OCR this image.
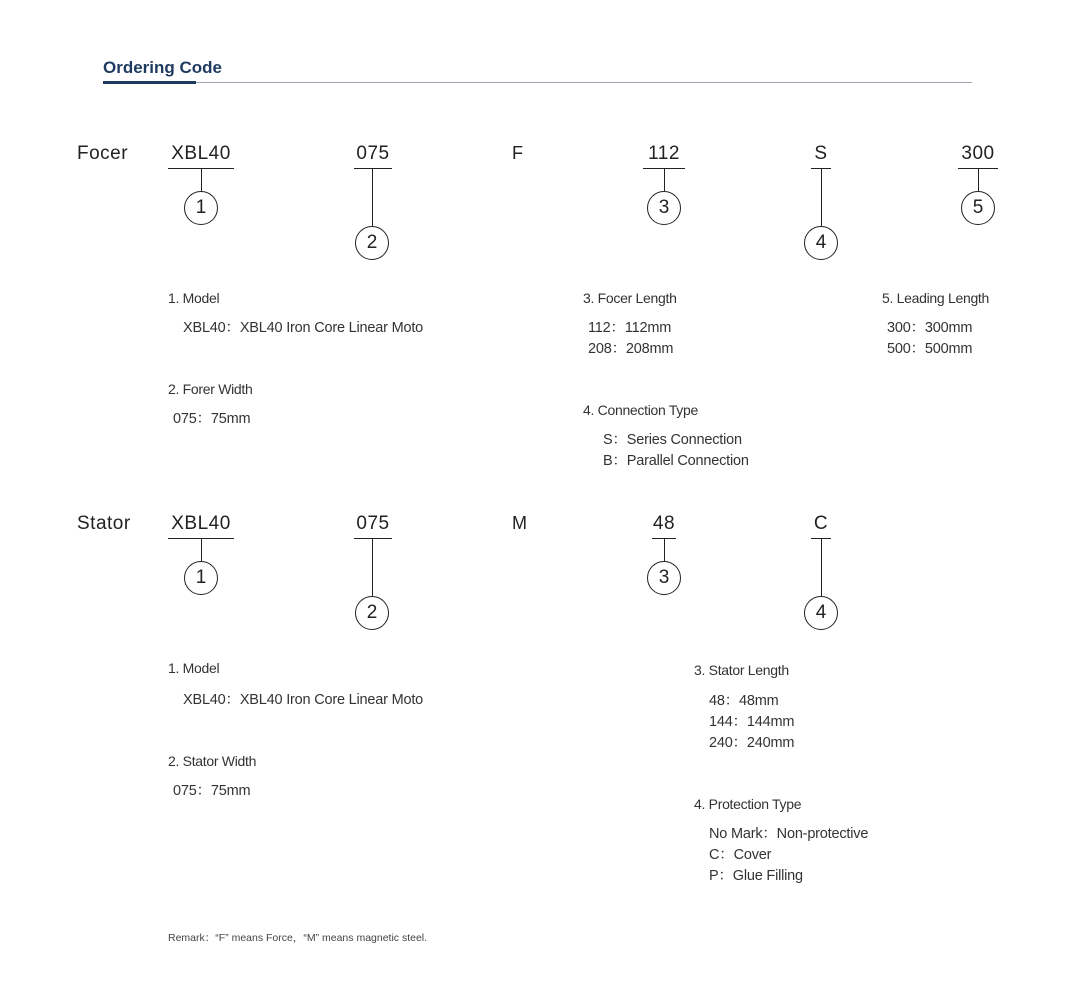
Ordering Code
Focer XBL40
1
075
2
F	112
3
S
4
300
5
1. Model
XBL40：XBL40 Iron Core Linear Moto
2. Forer Width
075：75mm
3. Focer Length
112：112mm
208：208mm
4. Connection Type
S：Series Connection
B：Parallel Connection
5. Leading Length
300：300mm
500：500mm
Stator XBL40
1
075
2
M	48
3
C
4
1. Model
XBL40：XBL40 Iron Core Linear Moto
2. Stator Width
075：75mm
3. Stator Length
48：48mm
144：144mm
240：240mm
4. Protection Type
No Mark：Non-protective
C：Cover
P：Glue Filling
Remark：“F” means Force，“M” means magnetic steel.
